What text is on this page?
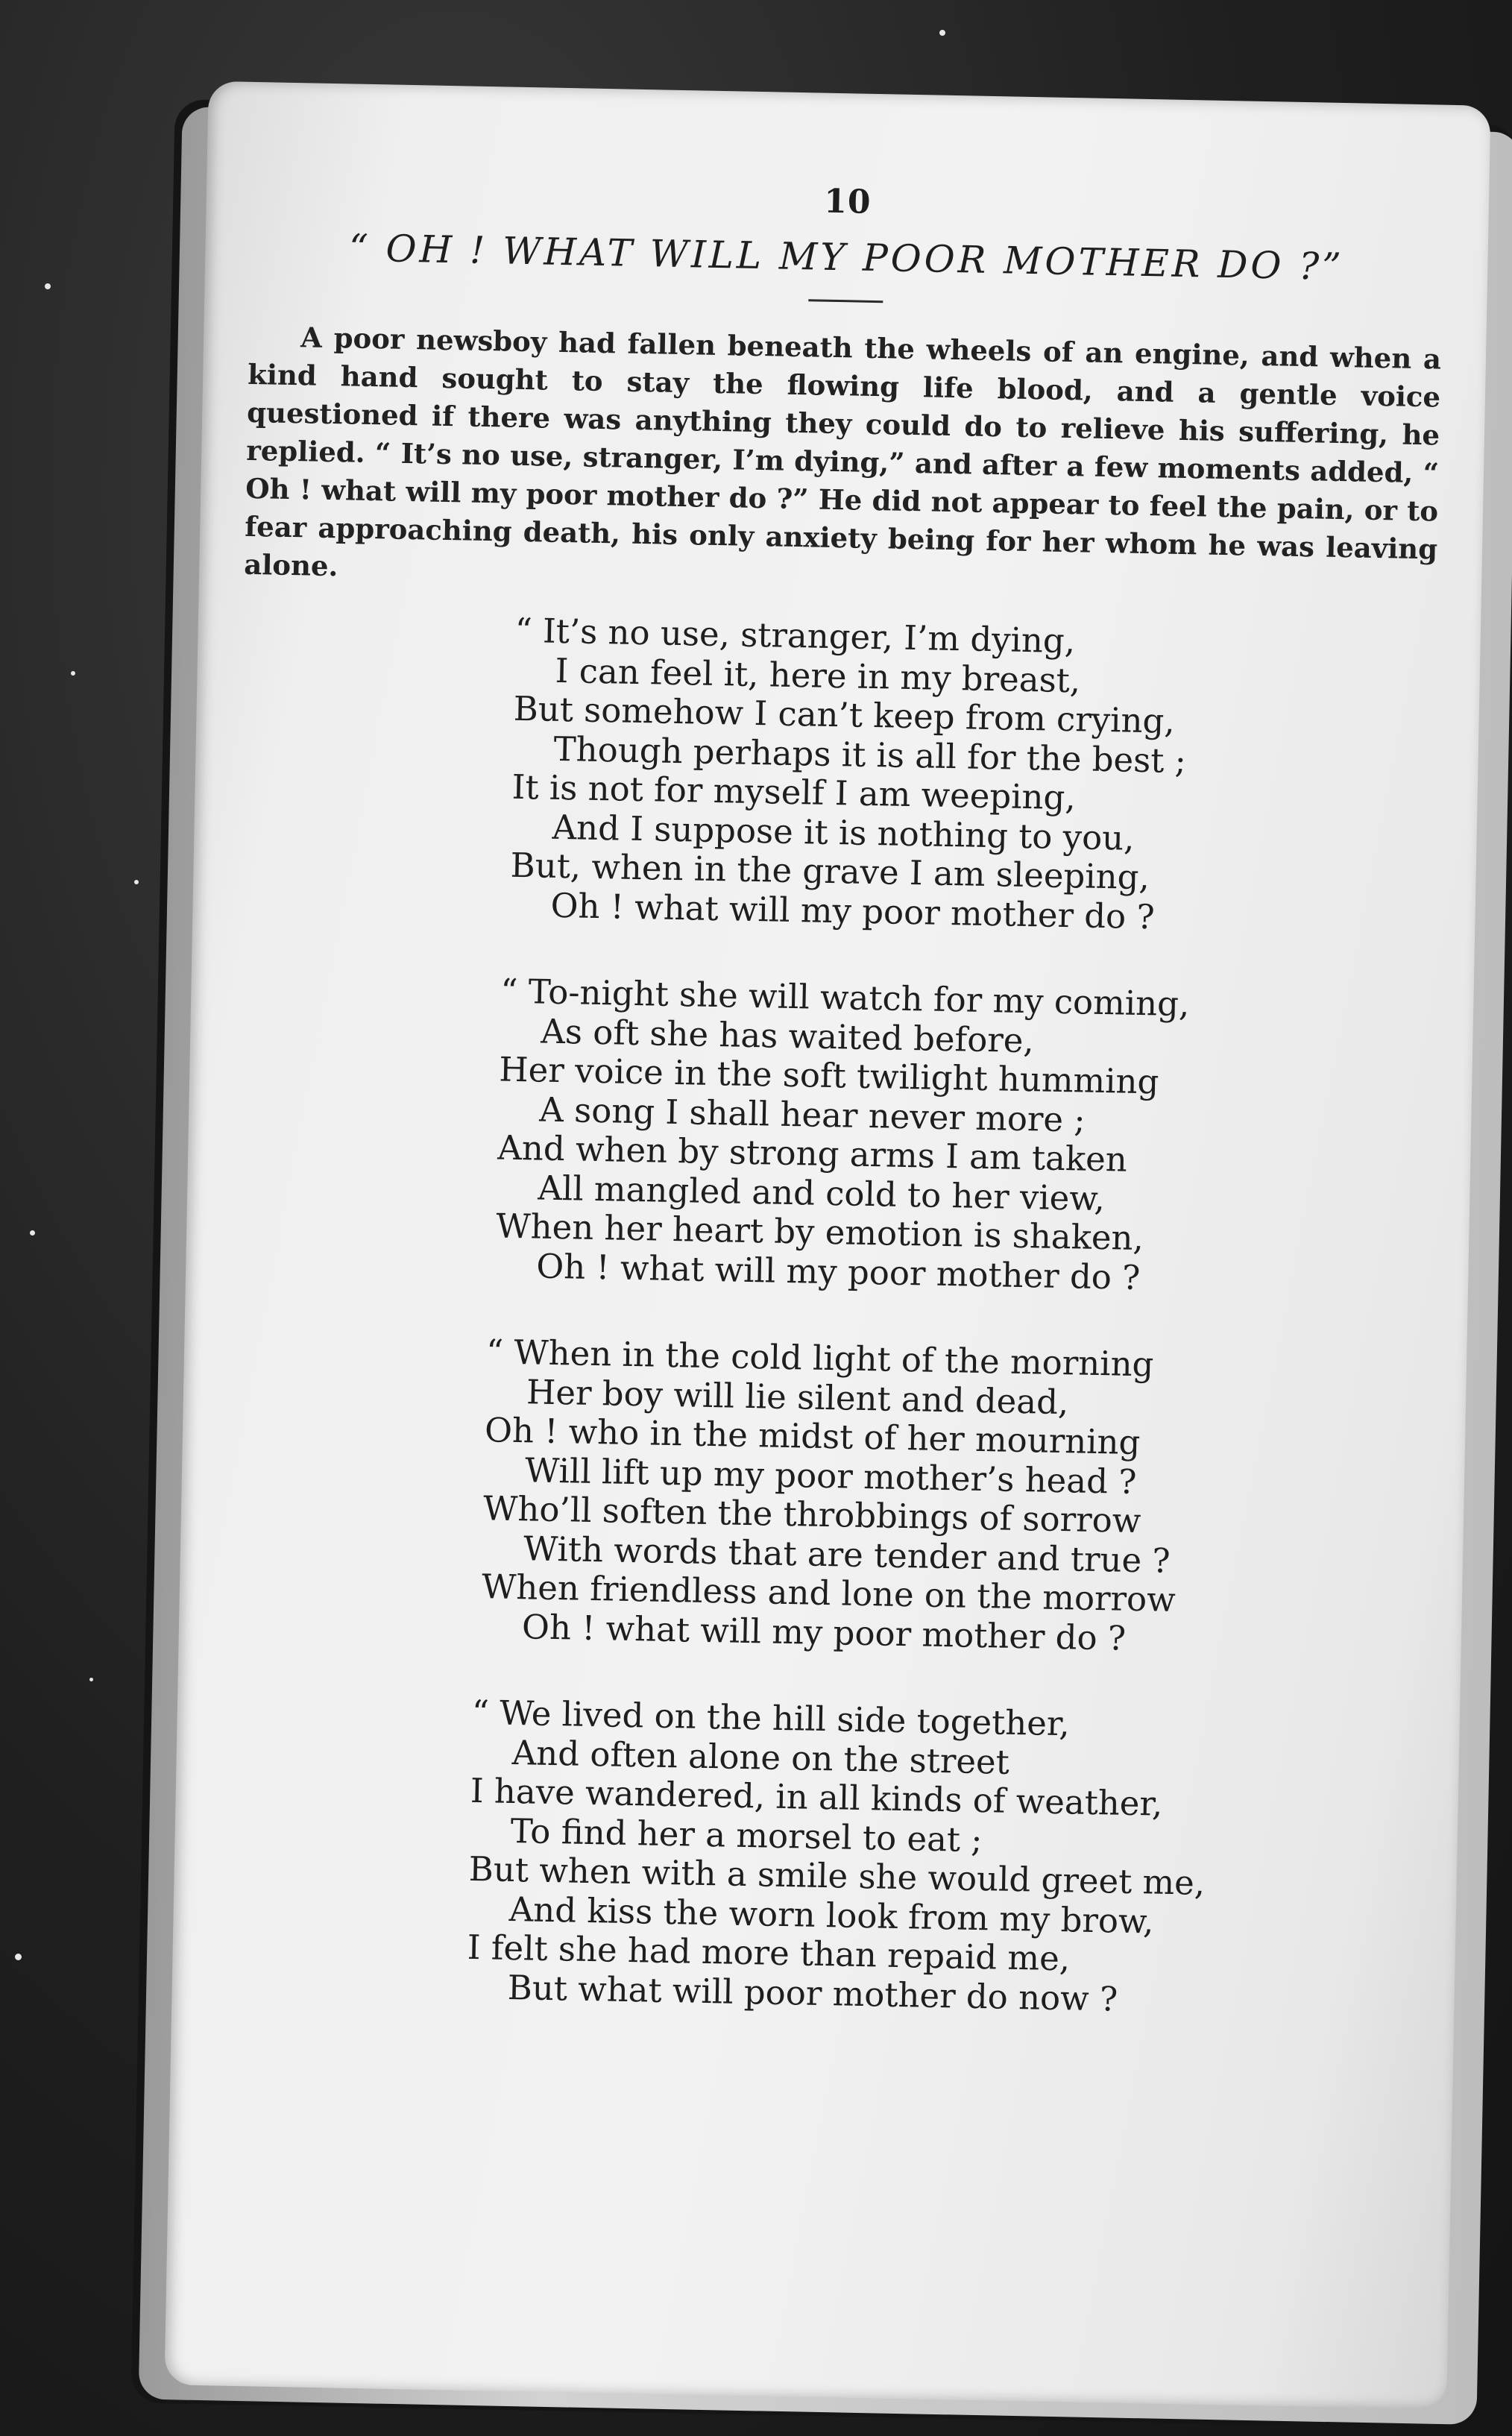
10
“ OH ! WHAT WILL MY POOR MOTHER DO ?”

A poor newsboy had fallen beneath the wheels of an engine, and when a kind hand sought to stay the flowing life blood, and a gentle voice questioned if there was anything they could do to relieve his suffering, he replied. “ It’s no use, stranger, I’m dying,” and after a few moments added, “ Oh ! what will my poor mother do ?” He did not appear to feel the pain, or to fear approaching death, his only anxiety being for her whom he was leaving alone.

“ It’s no use, stranger, I’m dying,
I can feel it, here in my breast,
But somehow I can’t keep from crying,
Though perhaps it is all for the best ;
It is not for myself I am weeping,
And I suppose it is nothing to you,
But, when in the grave I am sleeping,
Oh ! what will my poor mother do ?
“ To-night she will watch for my coming,
As oft she has waited before,
Her voice in the soft twilight humming
A song I shall hear never more ;
And when by strong arms I am taken
All mangled and cold to her view,
When her heart by emotion is shaken,
Oh ! what will my poor mother do ?
“ When in the cold light of the morning
Her boy will lie silent and dead,
Oh ! who in the midst of her mourning
Will lift up my poor mother’s head ?
Who’ll soften the throbbings of sorrow
With words that are tender and true ?
When friendless and lone on the morrow
Oh ! what will my poor mother do ?
“ We lived on the hill side together,
And often alone on the street
I have wandered, in all kinds of weather,
To find her a morsel to eat ;
But when with a smile she would greet me,
And kiss the worn look from my brow,
I felt she had more than repaid me,
But what will poor mother do now ?
